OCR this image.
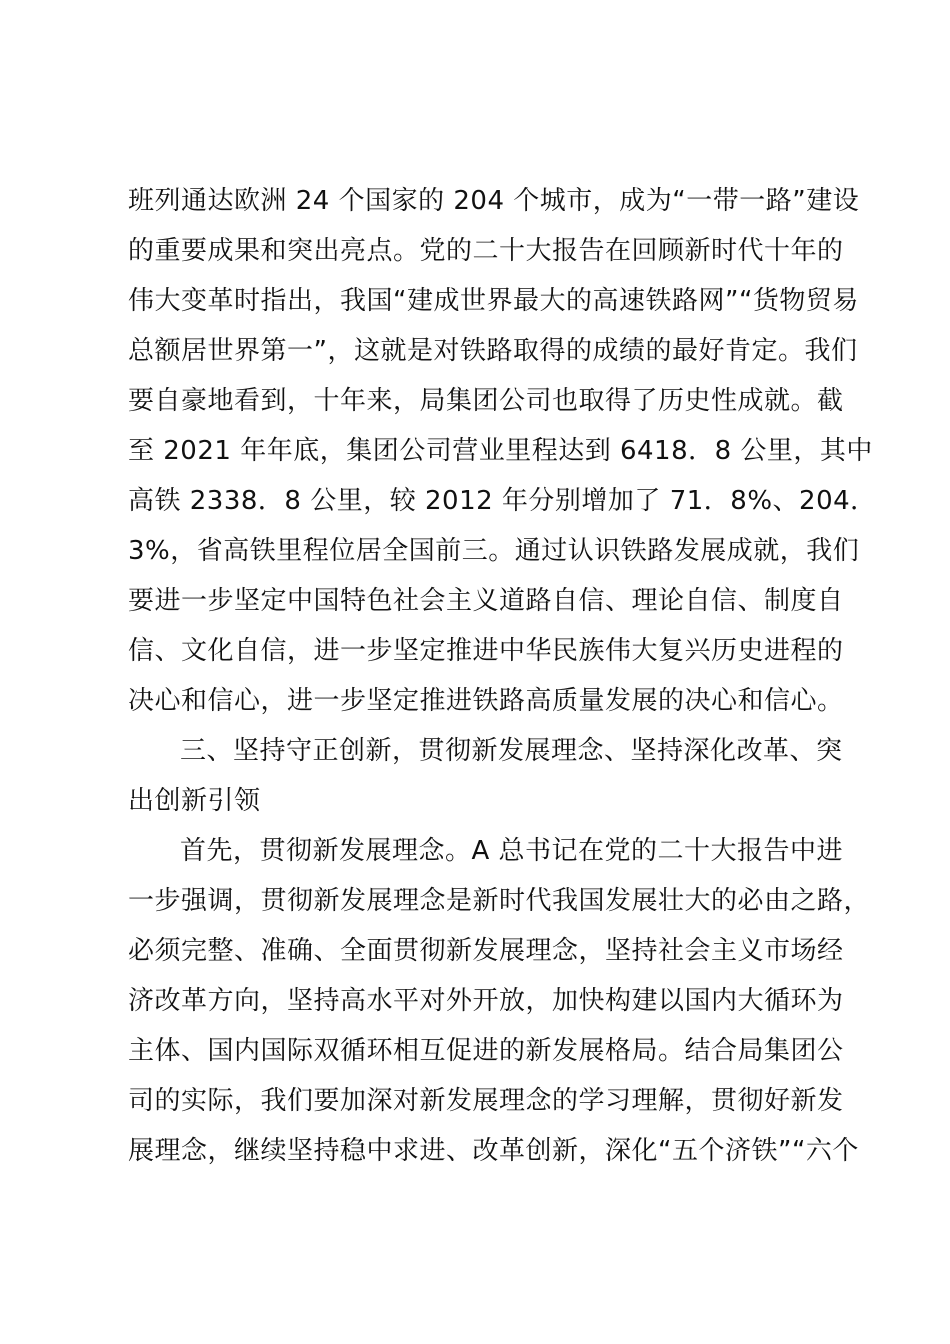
班列通达欧洲 24 个国家的 204 个城市，成为“一带一路”建设
的重要成果和突出亮点。党的二十大报告在回顾新时代十年的
伟大变革时指出，我国“建成世界最大的高速铁路网”“货物贸易
总额居世界第一”，这就是对铁路取得的成绩的最好肯定。我们
要自豪地看到，十年来，局集团公司也取得了历史性成就。截
至 2021 年年底，集团公司营业里程达到 6418．8 公里，其中
高铁 2338．8 公里，较 2012 年分别增加了 71．8%、204．
3%，省高铁里程位居全国前三。通过认识铁路发展成就，我们
要进一步坚定中国特色社会主义道路自信、理论自信、制度自
信、文化自信，进一步坚定推进中华民族伟大复兴历史进程的
决心和信心，进一步坚定推进铁路高质量发展的决心和信心。
三、坚持守正创新，贯彻新发展理念、坚持深化改革、突
出创新引领
首先，贯彻新发展理念。A 总书记在党的二十大报告中进
一步强调，贯彻新发展理念是新时代我国发展壮大的必由之路，
必须完整、准确、全面贯彻新发展理念，坚持社会主义市场经
济改革方向，坚持高水平对外开放，加快构建以国内大循环为
主体、国内国际双循环相互促进的新发展格局。结合局集团公
司的实际，我们要加深对新发展理念的学习理解，贯彻好新发
展理念，继续坚持稳中求进、改革创新，深化“五个济铁”“六个
